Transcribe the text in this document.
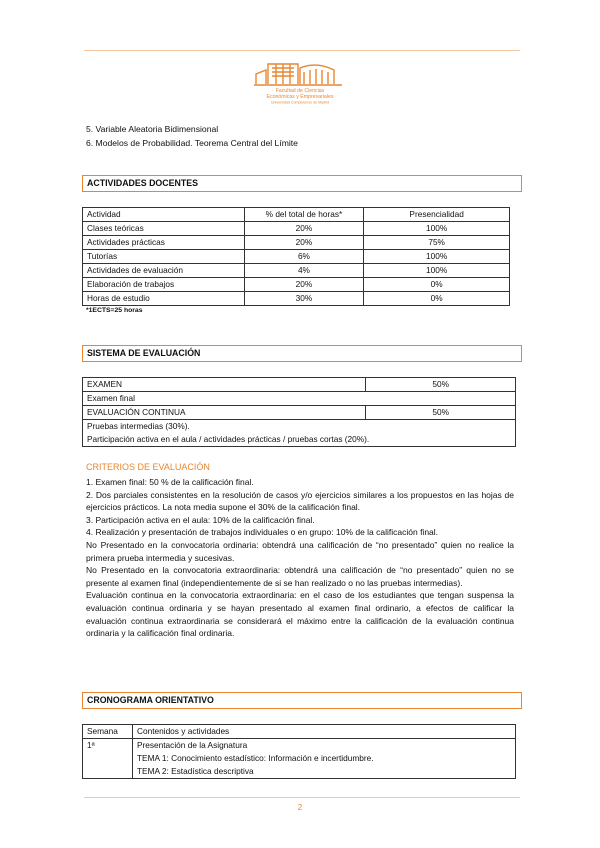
Facultad de Ciencias
Económicas y Empresariales
Universidad Complutense de Madrid
5. Variable Aleatoria Bidimensional
6. Modelos de Probabilidad. Teorema Central del Límite
ACTIVIDADES DOCENTES
Actividad	% del total de horas*	Presencialidad
Clases teóricas	20%	100%
Actividades prácticas	20%	75%
Tutorías	6%	100%
Actividades de evaluación	4%	100%
Elaboración de trabajos	20%	0%
Horas de estudio	30%	0%
*1ECTS=25 horas
SISTEMA DE EVALUACIÓN
EXAMEN	50%
Examen final	
EVALUACIÓN CONTINUA	50%

Pruebas intermedias (30%).
Participación activa en el aula / actividades prácticas / pruebas cortas (20%).	
CRITERIOS DE EVALUACIÓN

1. Examen final: 50 % de la calificación final.

2. Dos parciales consistentes en la resolución de casos y/o ejercicios similares a los propuestos en las hojas de ejercicios prácticos. La nota media supone el 30% de la calificación final.

3. Participación activa en el aula: 10% de la calificación final.

4. Realización y presentación de trabajos individuales o en grupo: 10% de la calificación final.

No Presentado en la convocatoria ordinaria: obtendrá una calificación de “no presentado” quien no realice la primera prueba intermedia y sucesivas.

No Presentado en la convocatoria extraordinaria: obtendrá una calificación de “no presentado” quien no se presente al examen final (independientemente de si se han realizado o no las pruebas intermedias).

Evaluación continua en la convocatoria extraordinaria: en el caso de los estudiantes que tengan suspensa la evaluación continua ordinaria y se hayan presentado al examen final ordinario, a efectos de calificar la evaluación continua extraordinaria se considerará el máximo entre la calificación de la evaluación continua ordinaria y la calificación final ordinaria.

CRONOGRAMA ORIENTATIVO
Semana	Contenidos y actividades
1ª	Presentación de la Asignatura
TEMA 1: Conocimiento estadístico: Información e incertidumbre.
TEMA 2: Estadística descriptiva
2
